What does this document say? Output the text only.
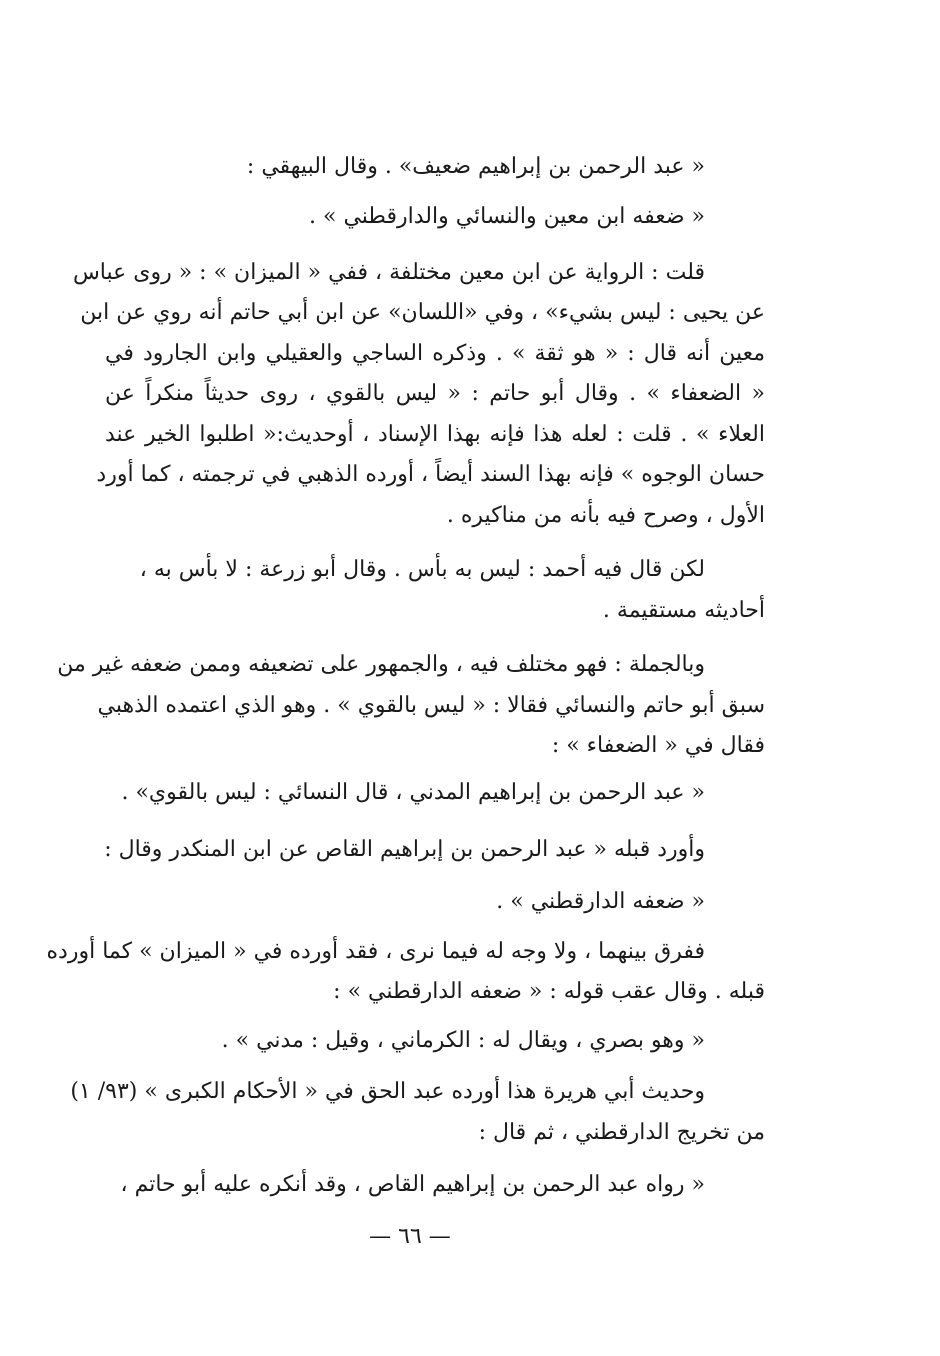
« عبد الرحمن بن إبراهيم ضعيف» . وقال البيهقي :
« ضعفه ابن معين والنسائي والدارقطني » .
قلت : الرواية عن ابن معين مختلفة ، ففي « الميزان » : « روى عباس
عن يحيى : ليس بشيء» ، وفي «اللسان» عن ابن أبي حاتم أنه روي عن ابن
معين أنه قال : « هو ثقة » . وذكره الساجي والعقيلي وابن الجارود في
« الضعفاء » . وقال أبو حاتم : « ليس بالقوي ، روى حديثاً منكراً عن
العلاء » . قلت : لعله هذا فإنه بهذا الإسناد ، أوحديث:« اطلبوا الخير عند
حسان الوجوه » فإنه بهذا السند أيضاً ، أورده الذهبي في ترجمته ، كما أورد
الأول ، وصرح فيه بأنه من مناكيره .
لكن قال فيه أحمد : ليس به بأس . وقال أبو زرعة : لا بأس به ،
أحاديثه مستقيمة .
وبالجملة : فهو مختلف فيه ، والجمهور على تضعيفه وممن ضعفه غير من
سبق أبو حاتم والنسائي فقالا : « ليس بالقوي » . وهو الذي اعتمده الذهبي
فقال في « الضعفاء » :
« عبد الرحمن بن إبراهيم المدني ، قال النسائي : ليس بالقوي» .
وأورد قبله « عبد الرحمن بن إبراهيم القاص عن ابن المنكدر وقال :
« ضعفه الدارقطني » .
ففرق بينهما ، ولا وجه له فيما نرى ، فقد أورده في « الميزان » كما أورده
قبله . وقال عقب قوله : « ضعفه الدارقطني » :
« وهو بصري ، ويقال له : الكرماني ، وقيل : مدني » .
وحديث أبي هريرة هذا أورده عبد الحق في « الأحكام الكبرى » (٩٣/ ١)
من تخريج الدارقطني ، ثم قال :
« رواه عبد الرحمن بن إبراهيم القاص ، وقد أنكره عليه أبو حاتم ،
— ٦٦ —
